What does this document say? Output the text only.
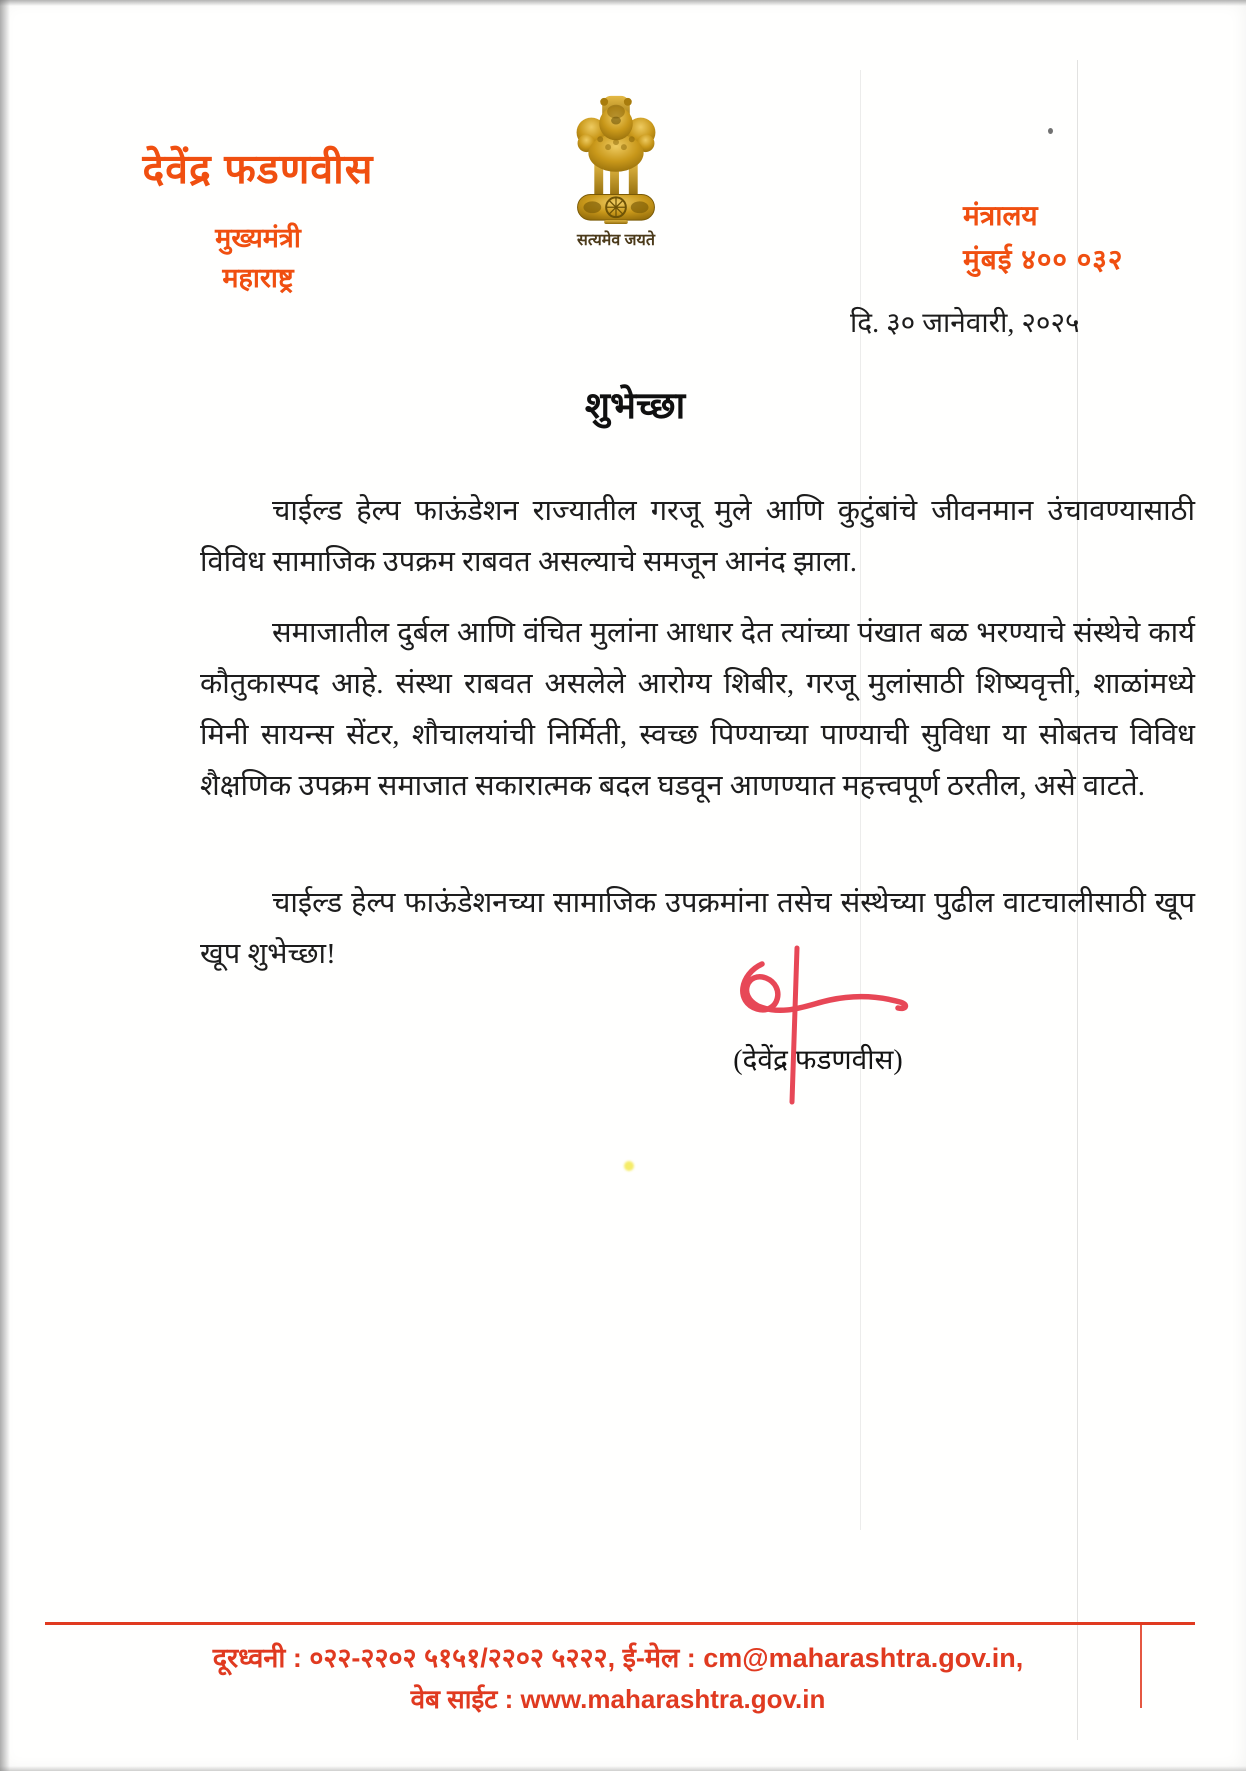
देवेंद्र फडणवीस
मुख्यमंत्री
महाराष्ट्र
सत्यमेव जयते
मंत्रालय
मुंबई ४०० ०३२
दि. ३० जानेवारी, २०२५
शुभेच्छा

चाईल्ड हेल्प फाऊंडेशन राज्यातील गरजू मुले आणि कुटुंबांचे जीवनमान उंचावण्यासाठी विविध सामाजिक उपक्रम राबवत असल्याचे समजून आनंद झाला.

समाजातील दुर्बल आणि वंचित मुलांना आधार देत त्यांच्या पंखात बळ भरण्याचे संस्थेचे कार्य कौतुकास्पद आहे. संस्था राबवत असलेले आरोग्य शिबीर, गरजू मुलांसाठी शिष्यवृत्ती, शाळांमध्ये मिनी सायन्स सेंटर, शौचालयांची निर्मिती, स्वच्छ पिण्याच्या पाण्याची सुविधा या सोबतच विविध शैक्षणिक उपक्रम समाजात सकारात्मक बदल घडवून आणण्यात महत्त्वपूर्ण ठरतील, असे वाटते.

चाईल्ड हेल्प फाऊंडेशनच्या सामाजिक उपक्रमांना तसेच संस्थेच्या पुढील वाटचालीसाठी खूप खूप शुभेच्छा!

(देवेंद्र फडणवीस)
दूरध्वनी : ०२२-२२०२ ५१५१/२२०२ ५२२२, ई-मेल : cm@maharashtra.gov.in,
वेब साईट : www.maharashtra.gov.in
